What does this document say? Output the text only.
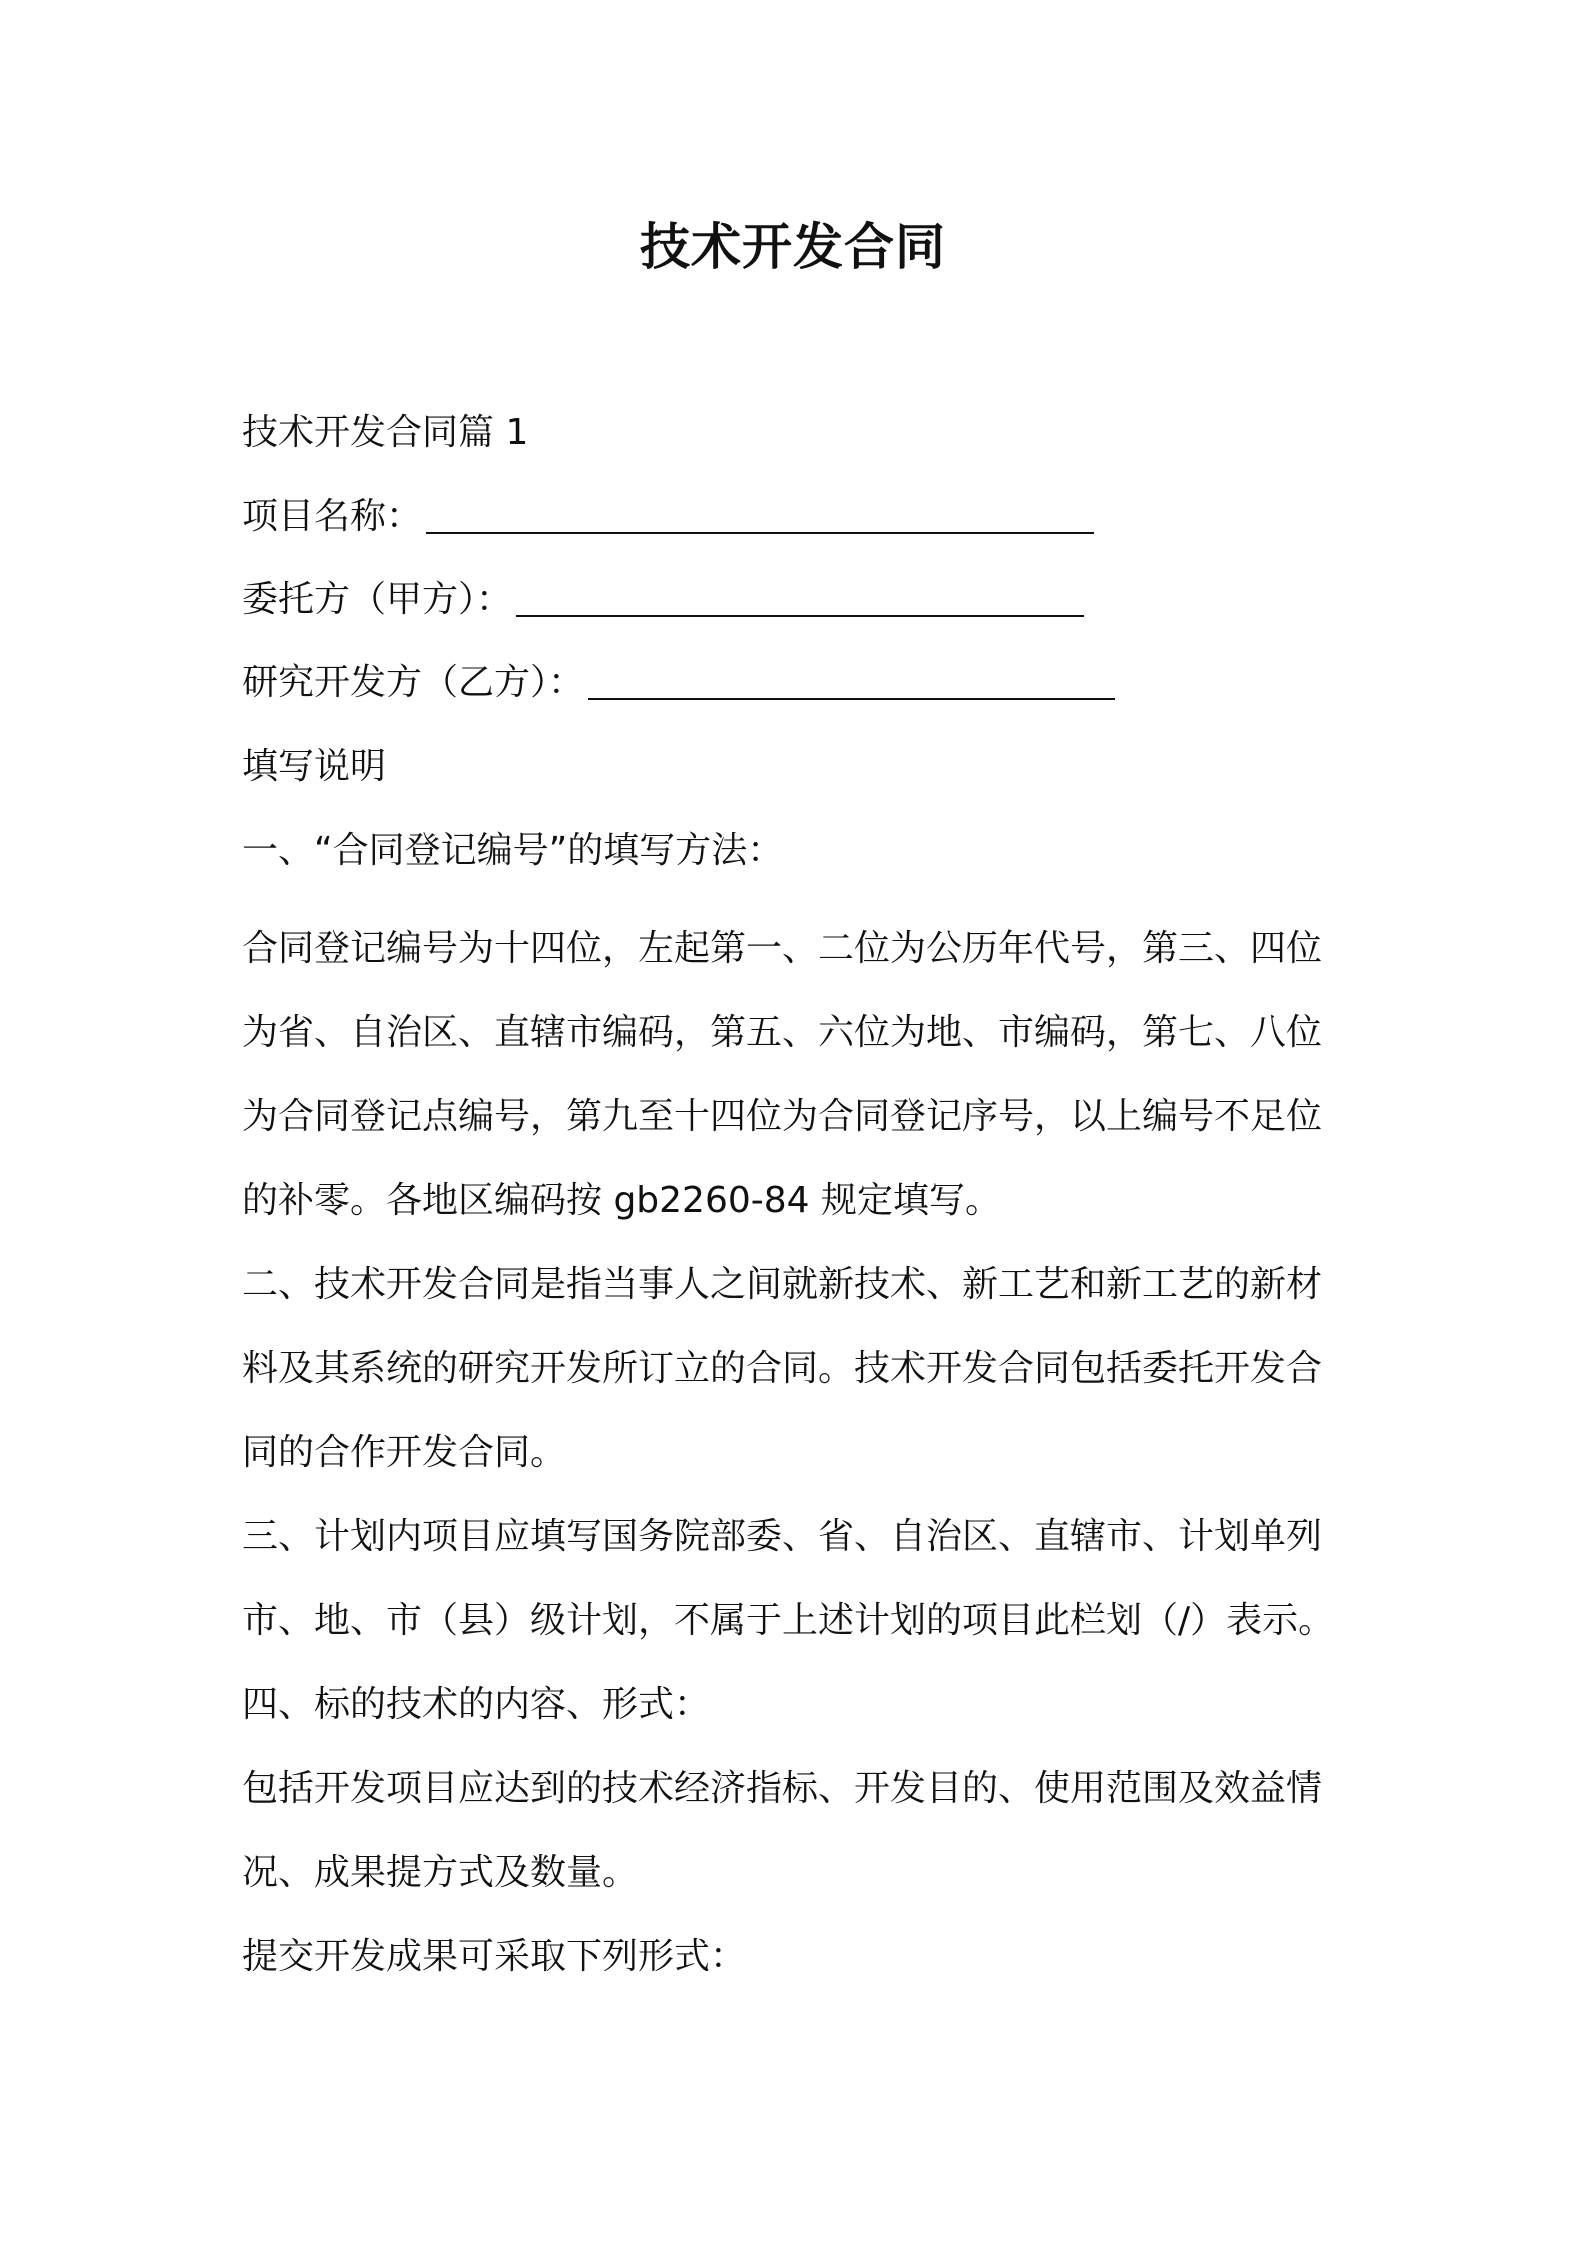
技术开发合同

技术开发合同篇 1

项目名称：

委托方（甲方）：

研究开发方（乙方）：

填写说明

一、“合同登记编号”的填写方法：
合同登记编号为十四位，左起第一、二位为公历年代号，第三、四位
为省、自治区、直辖市编码，第五、六位为地、市编码，第七、八位
为合同登记点编号，第九至十四位为合同登记序号，以上编号不足位
的补零。各地区编码按 gb2260-84 规定填写。
二、技术开发合同是指当事人之间就新技术、新工艺和新工艺的新材
料及其系统的研究开发所订立的合同。技术开发合同包括委托开发合
同的合作开发合同。
三、计划内项目应填写国务院部委、省、自治区、直辖市、计划单列
市、地、市（县）级计划，不属于上述计划的项目此栏划（/）表示。
四、标的技术的内容、形式：
包括开发项目应达到的技术经济指标、开发目的、使用范围及效益情
况、成果提方式及数量。
提交开发成果可采取下列形式：
